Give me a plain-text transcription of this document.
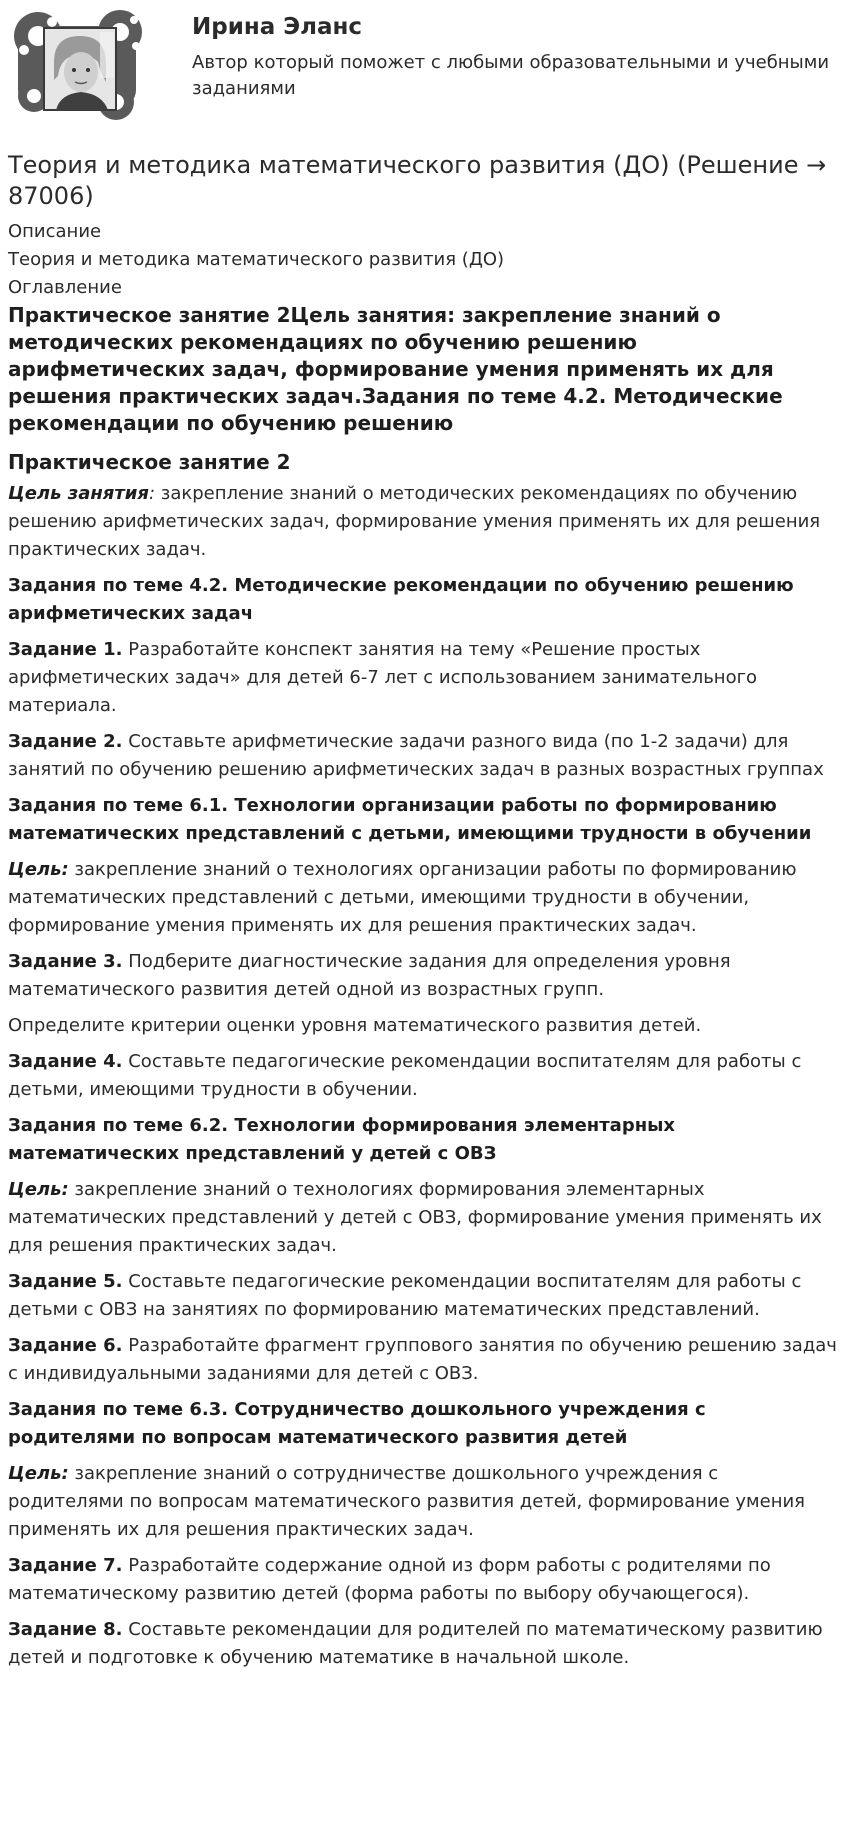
Ирина Эланс
Автор который поможет с любыми образовательными и учебными заданиями
Теория и методика математического развития (ДО) (Решение → 87006)
Описание
Теория и методика математического развития (ДО)
Оглавление
Практическое занятие 2Цель занятия: закрепление знаний о методических рекомендациях по обучению решению арифметических задач, формирование умения применять их для решения практических задач.Задания по теме 4.2. Методические рекомендации по обучению решению
Практическое занятие 2

Цель занятия: закрепление знаний о методических рекомендациях по обучению решению арифметических задач, формирование умения применять их для решения практических задач.

Задания по теме 4.2. Методические рекомендации по обучению решению арифметических задач

Задание 1. Разработайте конспект занятия на тему «Решение простых арифметических задач» для детей 6-7 лет с использованием занимательного материала.

Задание 2. Составьте арифметические задачи разного вида (по 1-2 задачи) для занятий по обучению решению арифметических задач в разных возрастных группах

Задания по теме 6.1. Технологии организации работы по формированию математических представлений с детьми, имеющими трудности в обучении

Цель: закрепление знаний о технологиях организации работы по формированию математических представлений с детьми, имеющими трудности в обучении, формирование умения применять их для решения практических задач.

Задание 3. Подберите диагностические задания для определения уровня математического развития детей одной из возрастных групп.

Определите критерии оценки уровня математического развития детей.

Задание 4. Составьте педагогические рекомендации воспитателям для работы с детьми, имеющими трудности в обучении.

Задания по теме 6.2. Технологии формирования элементарных математических представлений у детей с ОВЗ

Цель: закрепление знаний о технологиях формирования элементарных математических представлений у детей с ОВЗ, формирование умения применять их для решения практических задач.

Задание 5. Составьте педагогические рекомендации воспитателям для работы с детьми с ОВЗ на занятиях по формированию математических представлений.

Задание 6. Разработайте фрагмент группового занятия по обучению решению задач с индивидуальными заданиями для детей с ОВЗ.

Задания по теме 6.3. Сотрудничество дошкольного учреждения с родителями по вопросам математического развития детей

Цель: закрепление знаний о сотрудничестве дошкольного учреждения с родителями по вопросам математического развития детей, формирование умения применять их для решения практических задач.

Задание 7. Разработайте содержание одной из форм работы с родителями по математическому развитию детей (форма работы по выбору обучающегося).

Задание 8. Составьте рекомендации для родителей по математическому развитию детей и подготовке к обучению математике в начальной школе.
